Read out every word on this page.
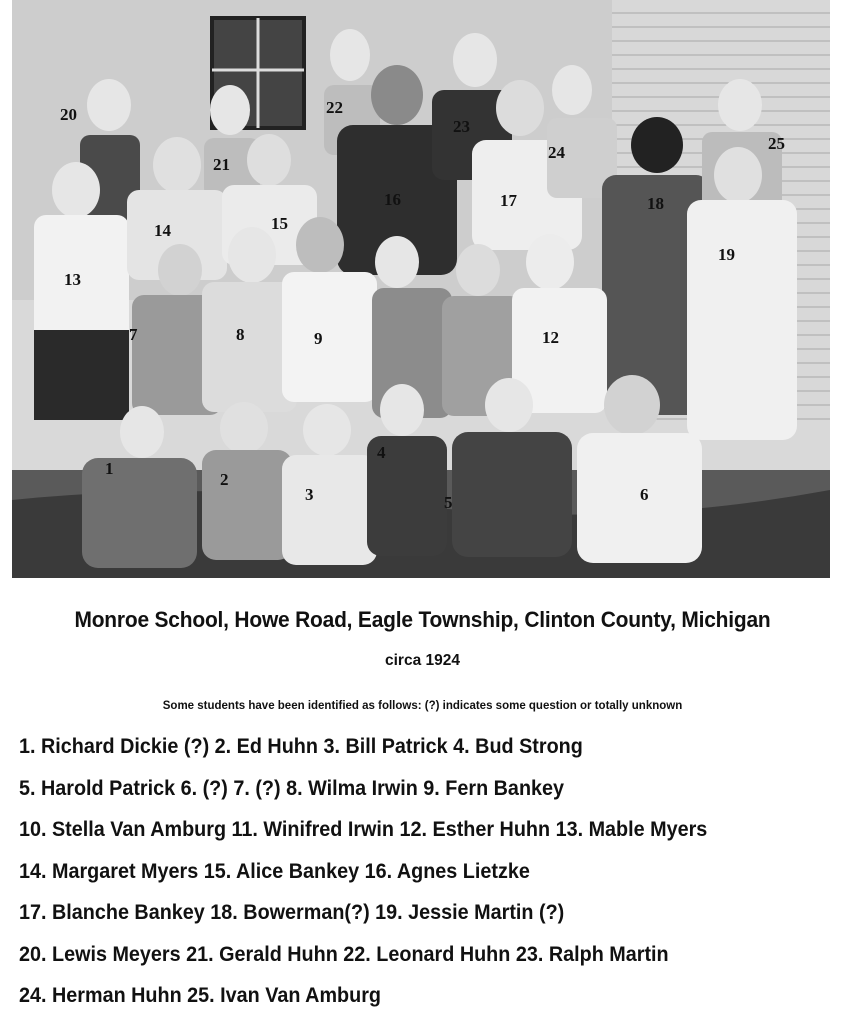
1
2
3
4
5	6
7	8	9	12
13
14	15
16	17	18
19
20
21
22
23
24	25
Monroe School, Howe Road, Eagle Township, Clinton County, Michigan
circa 1924
Some students have been identified as follows: (?) indicates some question or totally unknown
1. Richard Dickie (?) 2. Ed Huhn 3. Bill Patrick 4. Bud Strong
5. Harold Patrick 6. (?) 7. (?) 8. Wilma Irwin 9. Fern Bankey
10. Stella Van Amburg 11. Winifred Irwin 12. Esther Huhn 13. Mable Myers
14. Margaret Myers 15. Alice Bankey 16. Agnes Lietzke
17. Blanche Bankey 18. Bowerman(?) 19. Jessie Martin (?)
20. Lewis Meyers 21. Gerald Huhn 22. Leonard Huhn 23. Ralph Martin
24. Herman Huhn 25. Ivan Van Amburg
